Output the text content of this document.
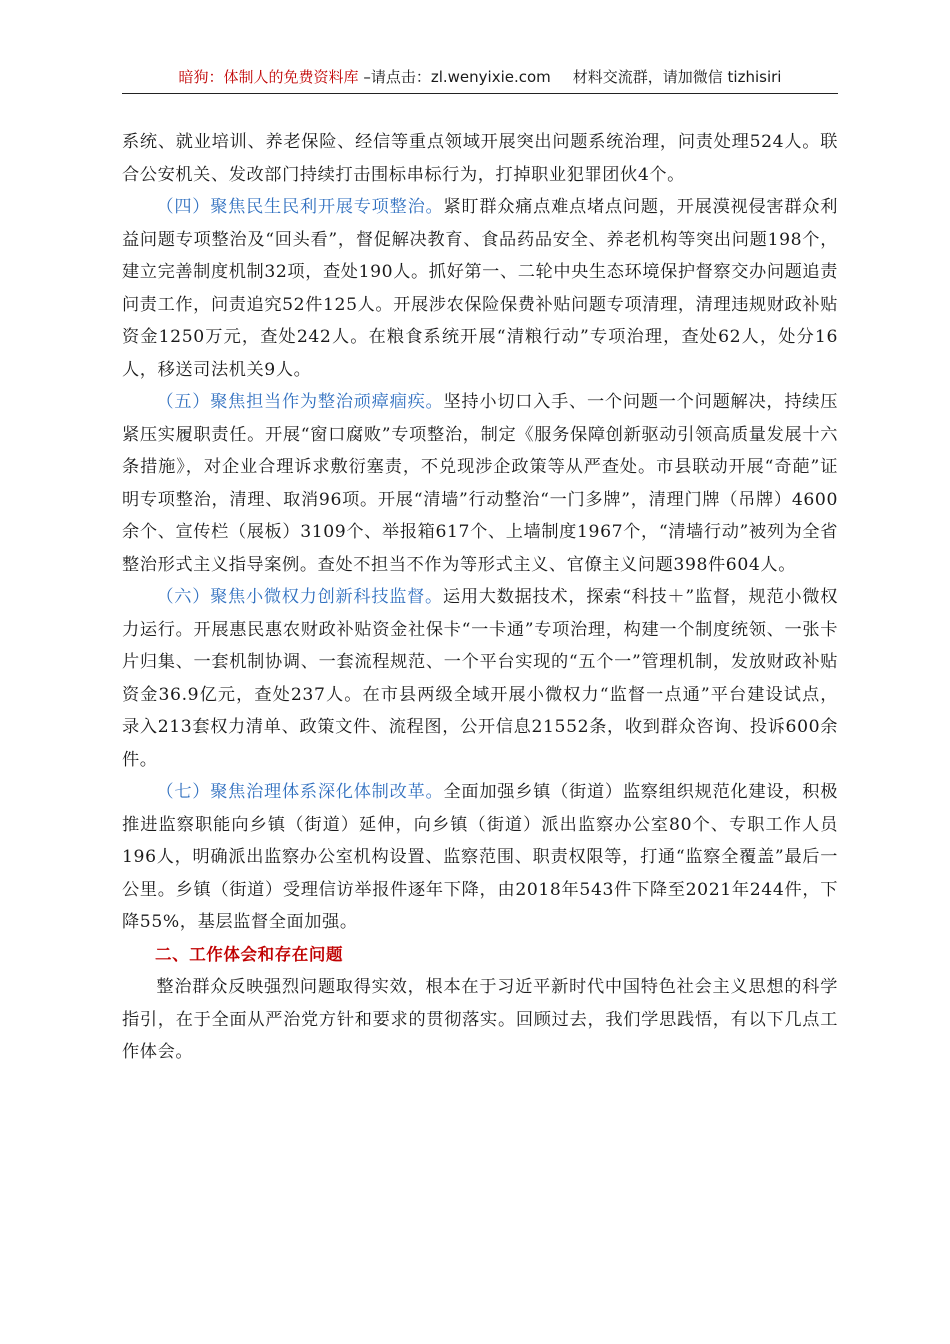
暗狗：体制人的免费资料库 –请点击：zl.wenyixie.com 材料交流群，请加微信 tizhisiri

系统、就业培训、养老保险、经信等重点领域开展突出问题系统治理，问责处理524人。联合公安机关、发改部门持续打击围标串标行为，打掉职业犯罪团伙4个。

（四）聚焦民生民利开展专项整治。紧盯群众痛点难点堵点问题，开展漠视侵害群众利益问题专项整治及“回头看”，督促解决教育、食品药品安全、养老机构等突出问题198个，建立完善制度机制32项，查处190人。抓好第一、二轮中央生态环境保护督察交办问题追责问责工作，问责追究52件125人。开展涉农保险保费补贴问题专项清理，清理违规财政补贴资金1250万元，查处242人。在粮食系统开展“清粮行动”专项治理，查处62人，处分16人，移送司法机关9人。

（五）聚焦担当作为整治顽瘴痼疾。坚持小切口入手、一个问题一个问题解决，持续压紧压实履职责任。开展“窗口腐败”专项整治，制定《服务保障创新驱动引领高质量发展十六条措施》，对企业合理诉求敷衍塞责，不兑现涉企政策等从严查处。市县联动开展“奇葩”证明专项整治，清理、取消96项。开展“清墙”行动整治“一门多牌”，清理门牌（吊牌）4600余个、宣传栏（展板）3109个、举报箱617个、上墙制度1967个，“清墙行动”被列为全省整治形式主义指导案例。查处不担当不作为等形式主义、官僚主义问题398件604人。

（六）聚焦小微权力创新科技监督。运用大数据技术，探索“科技＋”监督，规范小微权力运行。开展惠民惠农财政补贴资金社保卡“一卡通”专项治理，构建一个制度统领、一张卡片归集、一套机制协调、一套流程规范、一个平台实现的“五个一”管理机制，发放财政补贴资金36.9亿元，查处237人。在市县两级全域开展小微权力“监督一点通”平台建设试点，录入213套权力清单、政策文件、流程图，公开信息21552条，收到群众咨询、投诉600余件。

（七）聚焦治理体系深化体制改革。全面加强乡镇（街道）监察组织规范化建设，积极推进监察职能向乡镇（街道）延伸，向乡镇（街道）派出监察办公室80个、专职工作人员196人，明确派出监察办公室机构设置、监察范围、职责权限等，打通“监察全覆盖”最后一公里。乡镇（街道）受理信访举报件逐年下降，由2018年543件下降至2021年244件，下降55%，基层监督全面加强。

二、工作体会和存在问题

整治群众反映强烈问题取得实效，根本在于习近平新时代中国特色社会主义思想的科学指引，在于全面从严治党方针和要求的贯彻落实。回顾过去，我们学思践悟，有以下几点工作体会。
